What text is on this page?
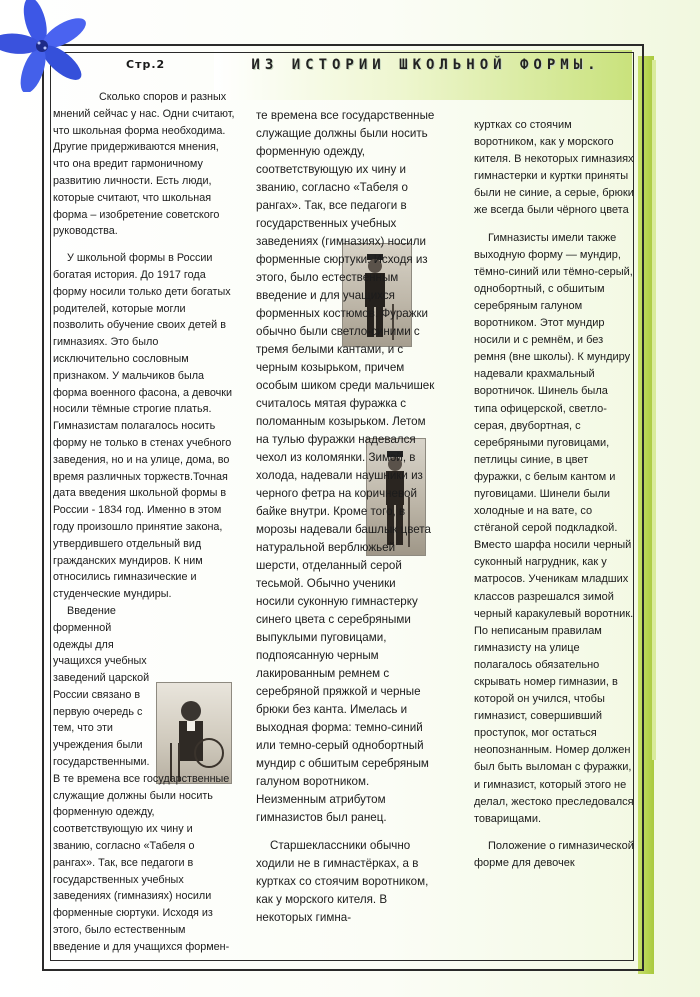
Стр.2	ИЗ ИСТОРИИ ШКОЛЬНОЙ ФОРМЫ.

Сколько споров и разных мнений сейчас у нас. Одни считают, что школьная форма необходима. Другие придерживаются мнения, что она вредит гармоничному развитию личности. Есть люди, которые считают, что школьная форма – изобретение советского руководства.

У школьной формы в России богатая история. До 1917 года форму носили только дети богатых родителей, которые могли позволить обучение своих детей в гимназиях. Это было исключительно сословным признаком. У мальчиков была форма военного фасона, а девочки носили тёмные строгие платья. Гимназистам полагалось носить форму не только в стенах учебного заведения, но и на улице, дома, во время различных торжеств.Точная дата введения школьной формы в России - 1834 год. Именно в этом году произошло принятие закона, утвердившего отдельный вид гражданских мундиров. К ним относились гимназические и студенческие мундиры.

Введение форменной одежды для учащихся учебных заведений царской России связано в первую очередь с тем, что эти учреждения были государственными. В те времена все государственные служащие должны были носить форменную одежду, соответствующую их чину и званию, согласно «Табеля о рангах». Так, все педагоги в государственных учебных заведениях (гимназиях) носили форменные сюртуки. Исходя из этого, было естественным введение и для учащихся формен-

те времена все государственные служащие должны были носить форменную одежду, соответствующую их чину и званию, согласно «Табеля о рангах». Так, все педагоги в государственных учебных заведениях (гимназиях) носили форменные сюртуки. Исходя из этого, было естественным введение и для учащихся форменных костюмов. Фуражки обычно были светло-синими с тремя белыми кантами, и с черным козырьком, причем особым шиком среди мальчишек считалось мятая фуражка с поломанным козырьком. Летом на тулью фуражки надевался чехол из коломянки. Зимой, в холода, надевали наушники из черного фетра на коричневой байке внутри. Кроме того, в морозы надевали башлык цвета натуральной верблюжьей шерсти, отделанный серой тесьмой. Обычно ученики носили суконную гимнастерку синего цвета с серебряными выпуклыми пуговицами, подпоясанную черным лакированным ремнем с серебряной пряжкой и черные брюки без канта. Имелась и выходная форма: темно-синий или темно-серый однобортный мундир с обшитым серебряным галуном воротником. Неизменным атрибутом гимназистов был ранец.

Старшеклассники обычно ходили не в гимнастёрках, а в куртках со стоячим воротником, как у морского кителя. В некоторых гимна-

куртках со стоячим воротником, как у морского кителя. В некоторых гимназиях гимнастерки и куртки приняты были не синие, а серые, брюки же всегда были чёрного цвета

Гимназисты имели также выходную форму — мундир, тёмно-синий или тёмно-серый, однобортный, с обшитым серебряным галуном воротником. Этот мундир носили и с ремнём, и без ремня (вне школы). К мундиру надевали крахмальный воротничок. Шинель была типа офицерской, светло-серая, двубортная, с серебряными пуговицами, петлицы синие, в цвет фуражки, с белым кантом и пуговицами. Шинели были холодные и на вате, со стёганой серой подкладкой. Вместо шарфа носили черный суконный нагрудник, как у матросов. Ученикам младших классов разрешался зимой черный каракулевый воротник. По неписаным правилам гимназисту на улице полагалось обязательно скрывать номер гимназии, в которой он учился, чтобы гимназист, совершивший проступок, мог остаться неопознанным. Номер должен был быть выломан с фуражки, и гимназист, который этого не делал, жестоко преследовался товарищами.

Положение о гимназической форме для девочек
